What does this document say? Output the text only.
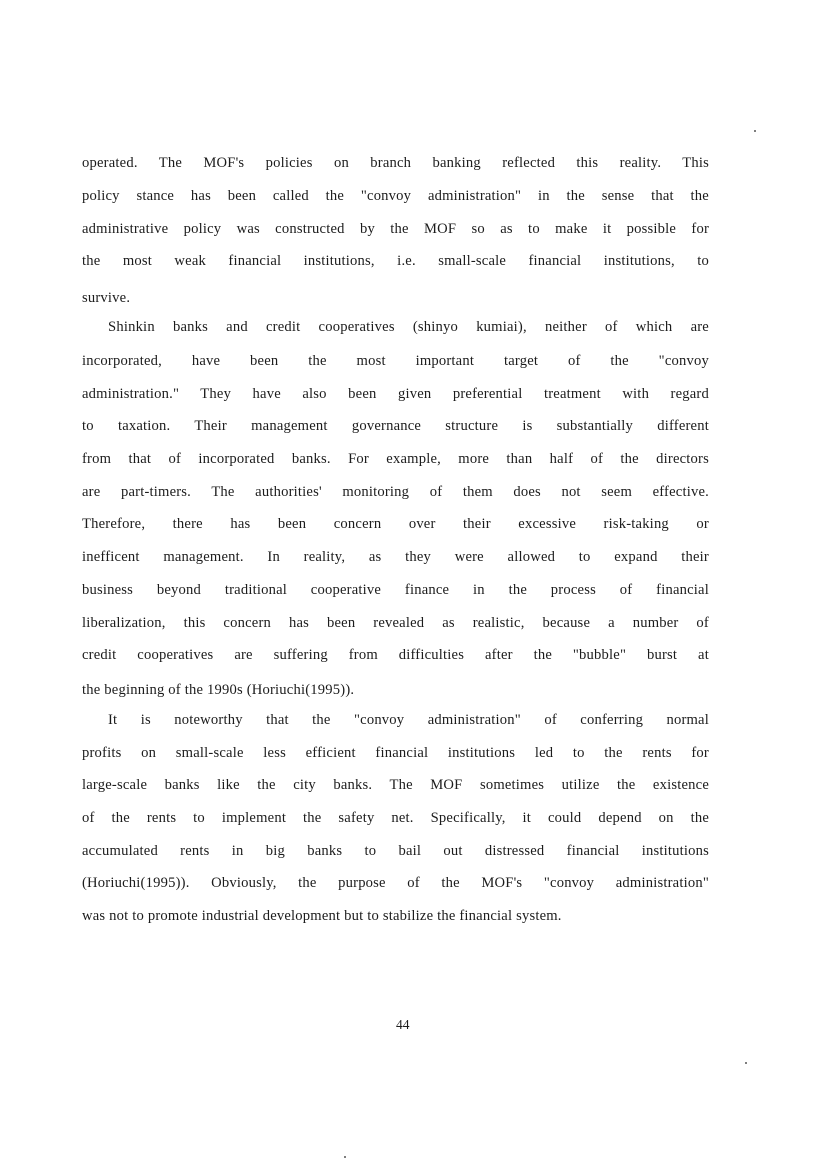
operated. The MOF's policies on branch banking reflected this reality. This
policy stance has been called the "convoy administration" in the sense that the
administrative policy was constructed by the MOF so as to make it possible for
the most weak financial institutions, i.e. small-scale financial institutions, to
survive.
Shinkin banks and credit cooperatives (shinyo kumiai), neither of which are
incorporated, have been the most important target of the "convoy
administration." They have also been given preferential treatment with regard
to taxation. Their management governance structure is substantially different
from that of incorporated banks. For example, more than half of the directors
are part-timers. The authorities' monitoring of them does not seem effective.
Therefore, there has been concern over their excessive risk-taking or
inefficent management. In reality, as they were allowed to expand their
business beyond traditional cooperative finance in the process of financial
liberalization, this concern has been revealed as realistic, because a number of
credit cooperatives are suffering from difficulties after the "bubble" burst at
the beginning of the 1990s (Horiuchi(1995)).
It is noteworthy that the "convoy administration" of conferring normal
profits on small-scale less efficient financial institutions led to the rents for
large-scale banks like the city banks. The MOF sometimes utilize the existence
of the rents to implement the safety net. Specifically, it could depend on the
accumulated rents in big banks to bail out distressed financial institutions
(Horiuchi(1995)). Obviously, the purpose of the MOF's "convoy administration"
was not to promote industrial development but to stabilize the financial system.
44
